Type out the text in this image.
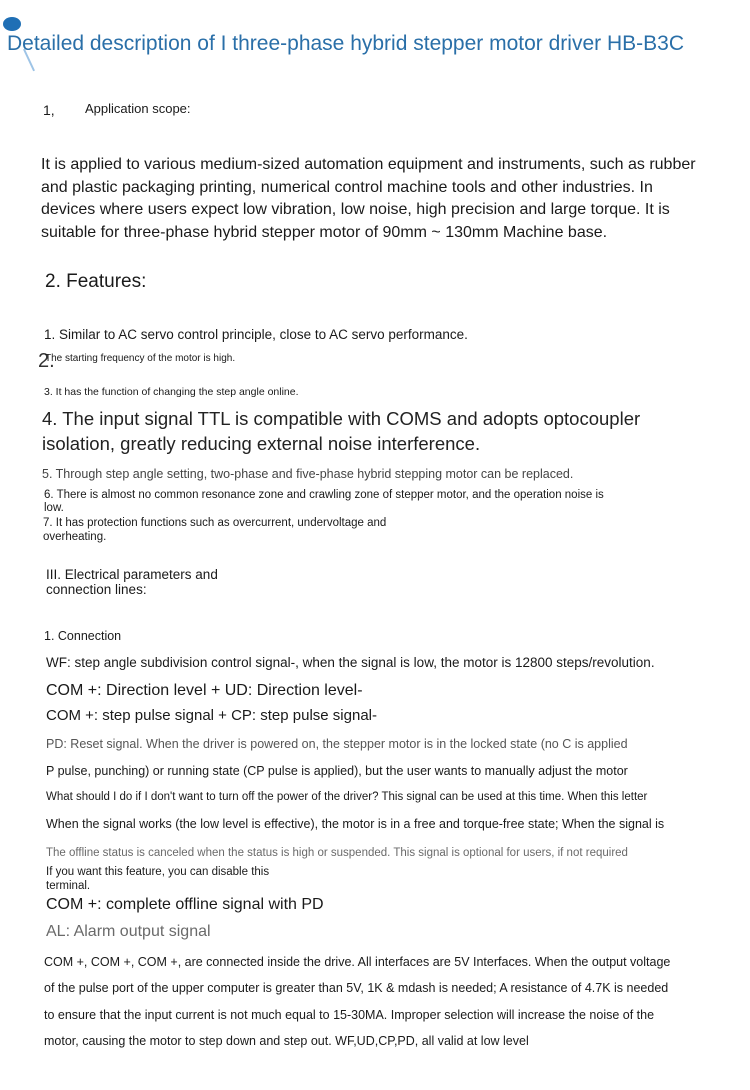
Detailed description of I three-phase hybrid stepper motor driver HB-B3C
1, Application scope:
It is applied to various medium-sized automation equipment and instruments, such as rubber and plastic packaging printing, numerical control machine tools and other industries. In devices where users expect low vibration, low noise, high precision and large torque. It is suitable for three-phase hybrid stepper motor of 90mm ~ 130mm Machine base.
2. Features:
1. Similar to AC servo control principle, close to AC servo performance.
2.
The starting frequency of the motor is high.
3. It has the function of changing the step angle online.
4. The input signal TTL is compatible with COMS and adopts optocoupler isolation, greatly reducing external noise interference.
5. Through step angle setting, two-phase and five-phase hybrid stepping motor can be replaced.
6. There is almost no common resonance zone and crawling zone of stepper motor, and the operation noise is low.
7. It has protection functions such as overcurrent, undervoltage and overheating.
III. Electrical parameters and connection lines:
1. Connection
WF: step angle subdivision control signal-, when the signal is low, the motor is 12800 steps/revolution.
COM +: Direction level + UD: Direction level-
COM +: step pulse signal + CP: step pulse signal-
PD: Reset signal. When the driver is powered on, the stepper motor is in the locked state (no C is applied
P pulse, punching) or running state (CP pulse is applied), but the user wants to manually adjust the motor
What should I do if I don't want to turn off the power of the driver? This signal can be used at this time. When this letter
When the signal works (the low level is effective), the motor is in a free and torque-free state; When the signal is
The offline status is canceled when the status is high or suspended. This signal is optional for users, if not required
If you want this feature, you can disable this terminal.
COM +: complete offline signal with PD
AL: Alarm output signal
COM +, COM +, COM +, are connected inside the drive. All interfaces are 5V Interfaces. When the output voltage
of the pulse port of the upper computer is greater than 5V, 1K & mdash is needed; A resistance of 4.7K is needed
to ensure that the input current is not much equal to 15-30MA. Improper selection will increase the noise of the
motor, causing the motor to step down and step out. WF,UD,CP,PD, all valid at low level
